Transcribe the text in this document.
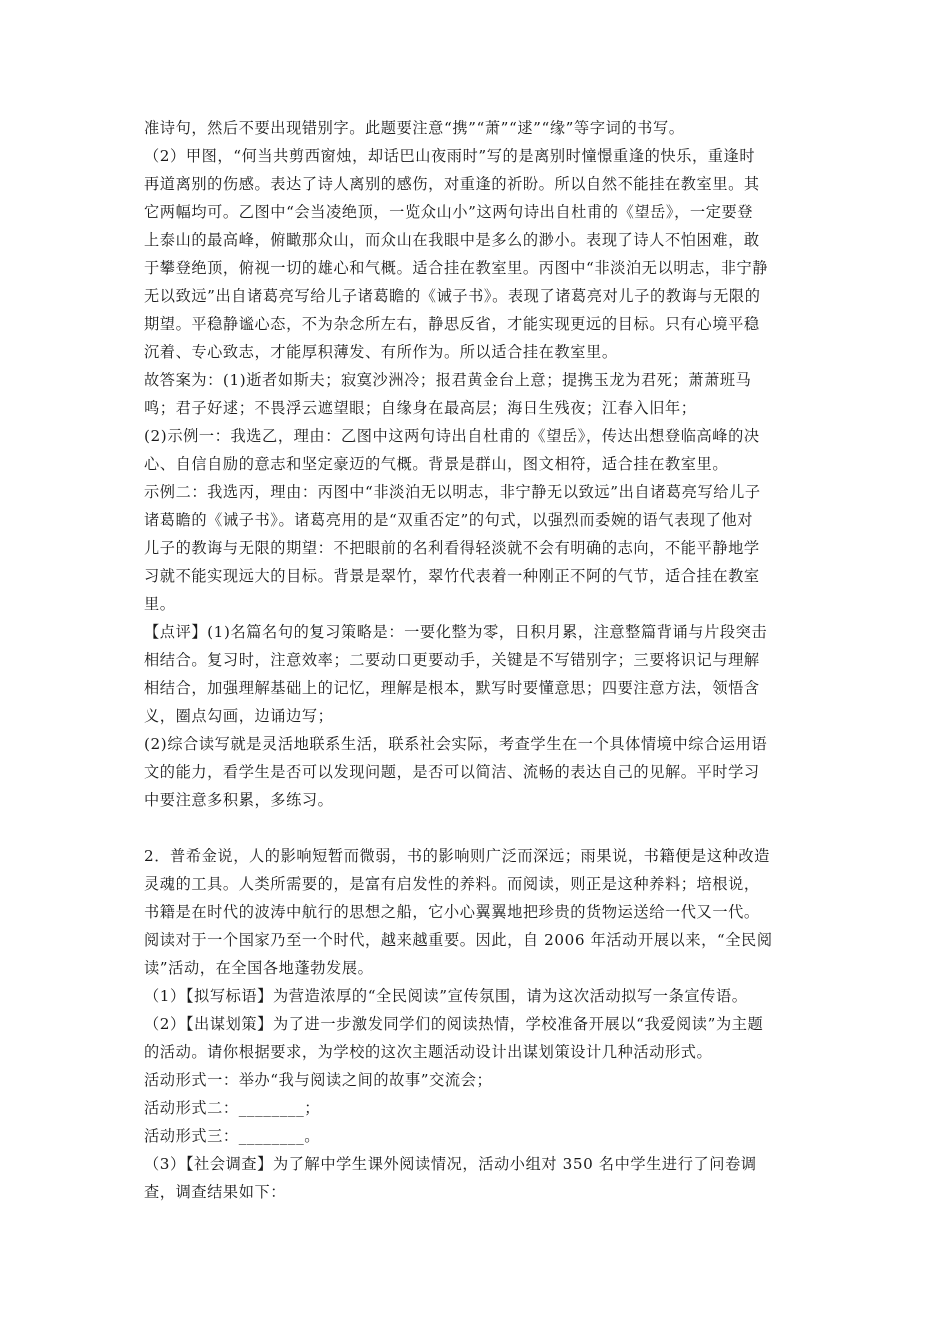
准诗句，然后不要出现错别字。此题要注意“携”“萧”“逑”“缘”等字词的书写。
（2）甲图，“何当共剪西窗烛，却话巴山夜雨时”写的是离别时憧憬重逢的快乐，重逢时
再道离别的伤感。表达了诗人离别的感伤，对重逢的祈盼。所以自然不能挂在教室里。其
它两幅均可。乙图中“会当凌绝顶，一览众山小”这两句诗出自杜甫的《望岳》，一定要登
上泰山的最高峰，俯瞰那众山，而众山在我眼中是多么的渺小。表现了诗人不怕困难，敢
于攀登绝顶，俯视一切的雄心和气概。适合挂在教室里。丙图中“非淡泊无以明志，非宁静
无以致远”出自诸葛亮写给儿子诸葛瞻的《诫子书》。表现了诸葛亮对儿子的教诲与无限的
期望。平稳静谧心态，不为杂念所左右，静思反省，才能实现更远的目标。只有心境平稳
沉着、专心致志，才能厚积薄发、有所作为。所以适合挂在教室里。
故答案为：(1)逝者如斯夫；寂寞沙洲冷；报君黄金台上意；提携玉龙为君死；萧萧班马
鸣；君子好逑；不畏浮云遮望眼；自缘身在最高层；海日生残夜；江春入旧年；
(2)示例一：我选乙，理由：乙图中这两句诗出自杜甫的《望岳》，传达出想登临高峰的决
心、自信自励的意志和坚定豪迈的气概。背景是群山，图文相符，适合挂在教室里。
示例二：我选丙，理由：丙图中“非淡泊无以明志，非宁静无以致远”出自诸葛亮写给儿子
诸葛瞻的《诫子书》。诸葛亮用的是“双重否定”的句式，以强烈而委婉的语气表现了他对
儿子的教诲与无限的期望：不把眼前的名利看得轻淡就不会有明确的志向，不能平静地学
习就不能实现远大的目标。背景是翠竹，翠竹代表着一种刚正不阿的气节，适合挂在教室
里。
【点评】(1)名篇名句的复习策略是：一要化整为零，日积月累，注意整篇背诵与片段突击
相结合。复习时，注意效率；二要动口更要动手，关键是不写错别字；三要将识记与理解
相结合，加强理解基础上的记忆，理解是根本，默写时要懂意思；四要注意方法，领悟含
义，圈点勾画，边诵边写；
(2)综合读写就是灵活地联系生活，联系社会实际，考查学生在一个具体情境中综合运用语
文的能力，看学生是否可以发现问题，是否可以简洁、流畅的表达自己的见解。平时学习
中要注意多积累，多练习。
2．普希金说，人的影响短暂而微弱，书的影响则广泛而深远；雨果说，书籍便是这种改造
灵魂的工具。人类所需要的，是富有启发性的养料。而阅读，则正是这种养料；培根说，
书籍是在时代的波涛中航行的思想之船，它小心翼翼地把珍贵的货物运送给一代又一代。
阅读对于一个国家乃至一个时代，越来越重要。因此，自 2006 年活动开展以来，“全民阅
读”活动，在全国各地蓬勃发展。
（1）【拟写标语】为营造浓厚的“全民阅读”宣传氛围，请为这次活动拟写一条宣传语。
（2）【出谋划策】为了进一步激发同学们的阅读热情，学校准备开展以“我爱阅读”为主题
的活动。请你根据要求，为学校的这次主题活动设计出谋划策设计几种活动形式。
活动形式一：举办“我与阅读之间的故事”交流会；
活动形式二：________；
活动形式三：________。
（3）【社会调查】为了解中学生课外阅读情况，活动小组对 350 名中学生进行了问卷调
查，调查结果如下：
